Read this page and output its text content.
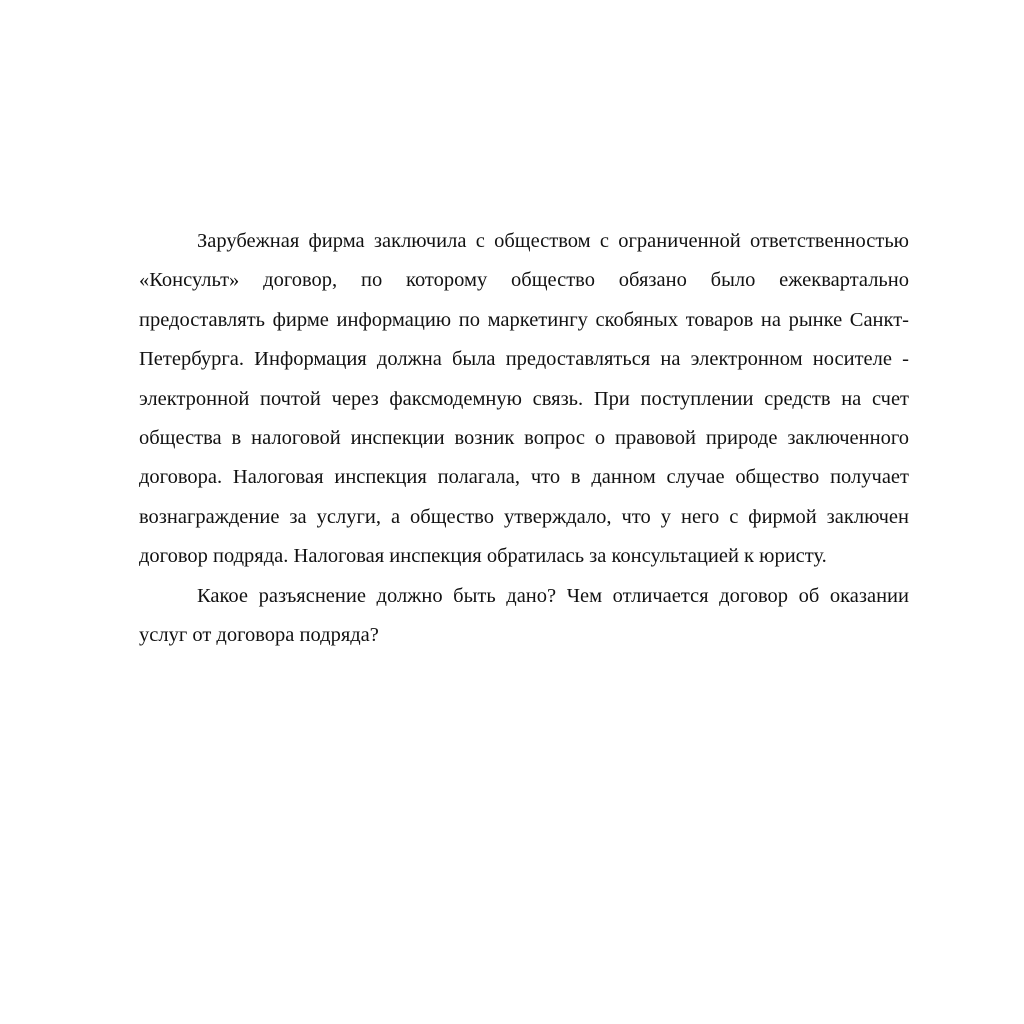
Зарубежная фирма заключила с обществом с ограниченной ответственностью «Консульт» договор, по которому общество обязано было ежеквартально предоставлять фирме информацию по маркетингу скобяных товаров на рынке Санкт-Петербурга. Информация должна была предоставляться на электронном носителе - электронной почтой через факсмодемную связь. При поступлении средств на счет общества в налоговой инспекции возник вопрос о правовой природе заключенного договора. Налоговая инспекция полагала, что в данном случае общество получает вознаграждение за услуги, а общество утверждало, что у него с фирмой заключен договор подряда. Налоговая инспекция обратилась за консультацией к юристу.

Какое разъяснение должно быть дано? Чем отличается договор об оказании услуг от договора подряда?
